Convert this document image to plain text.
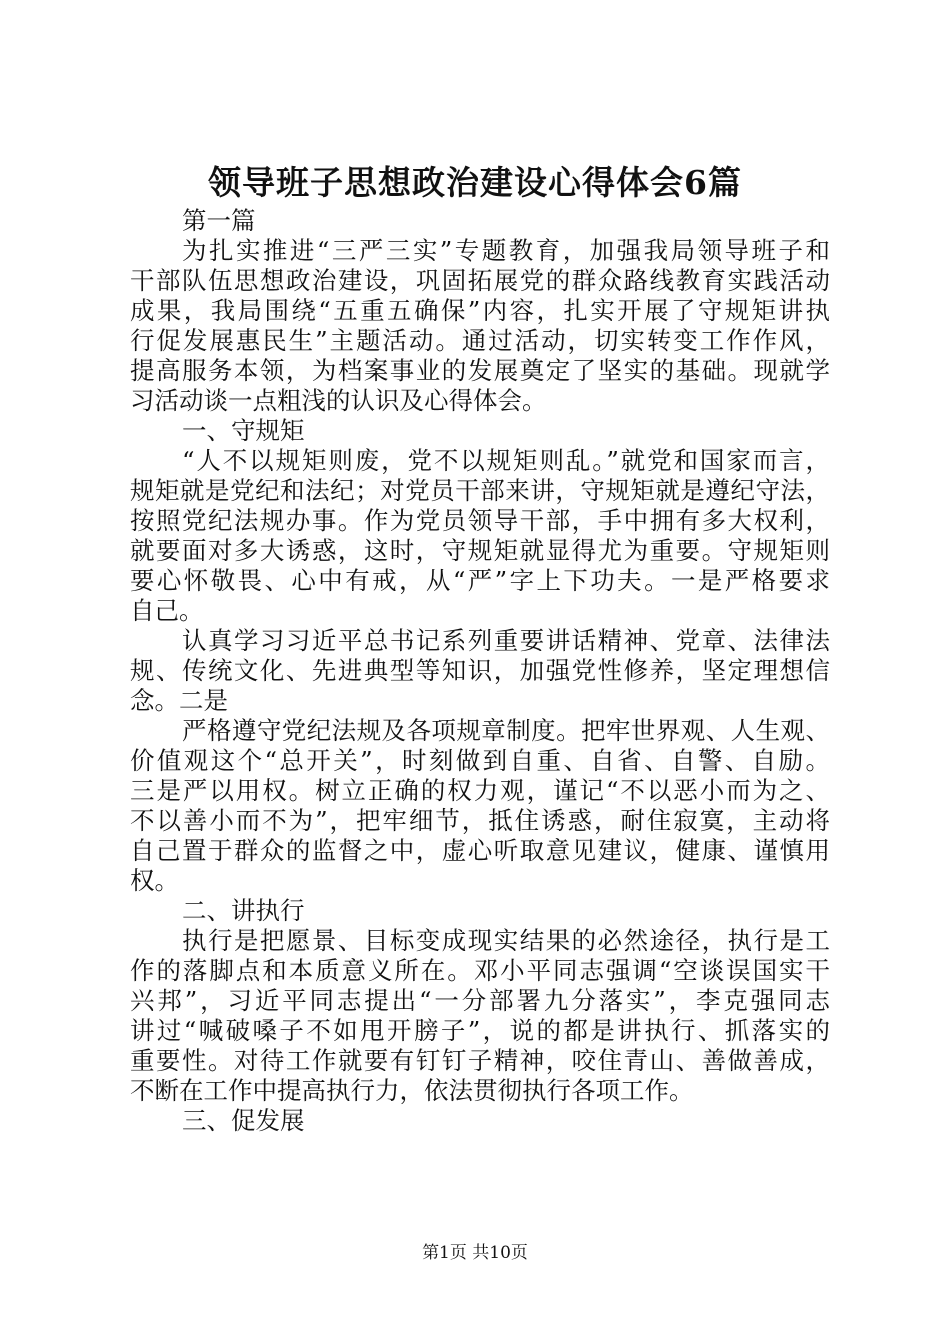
领导班子思想政治建设心得体会6篇
第一篇
为扎实推进“三严三实”专题教育，加强我局领导班子和
干部队伍思想政治建设，巩固拓展党的群众路线教育实践活动
成果，我局围绕“五重五确保”内容，扎实开展了守规矩讲执
行促发展惠民生”主题活动。通过活动，切实转变工作作风，
提高服务本领，为档案事业的发展奠定了坚实的基础。现就学
习活动谈一点粗浅的认识及心得体会。
一、守规矩
“人不以规矩则废，党不以规矩则乱。”就党和国家而言，
规矩就是党纪和法纪；对党员干部来讲，守规矩就是遵纪守法，
按照党纪法规办事。作为党员领导干部，手中拥有多大权利，
就要面对多大诱惑，这时，守规矩就显得尤为重要。守规矩则
要心怀敬畏、心中有戒，从“严”字上下功夫。一是严格要求
自己。
认真学习习近平总书记系列重要讲话精神、党章、法律法
规、传统文化、先进典型等知识，加强党性修养，坚定理想信
念。二是
严格遵守党纪法规及各项规章制度。把牢世界观、人生观、
价值观这个“总开关”，时刻做到自重、自省、自警、自励。
三是严以用权。树立正确的权力观，谨记“不以恶小而为之、
不以善小而不为”，把牢细节，抵住诱惑，耐住寂寞，主动将
自己置于群众的监督之中，虚心听取意见建议，健康、谨慎用
权。
二、讲执行
执行是把愿景、目标变成现实结果的必然途径，执行是工
作的落脚点和本质意义所在。邓小平同志强调“空谈误国实干
兴邦”，习近平同志提出“一分部署九分落实”，李克强同志
讲过“喊破嗓子不如甩开膀子”，说的都是讲执行、抓落实的
重要性。对待工作就要有钉钉子精神，咬住青山、善做善成，
不断在工作中提高执行力，依法贯彻执行各项工作。
三、促发展
第1页 共10页
